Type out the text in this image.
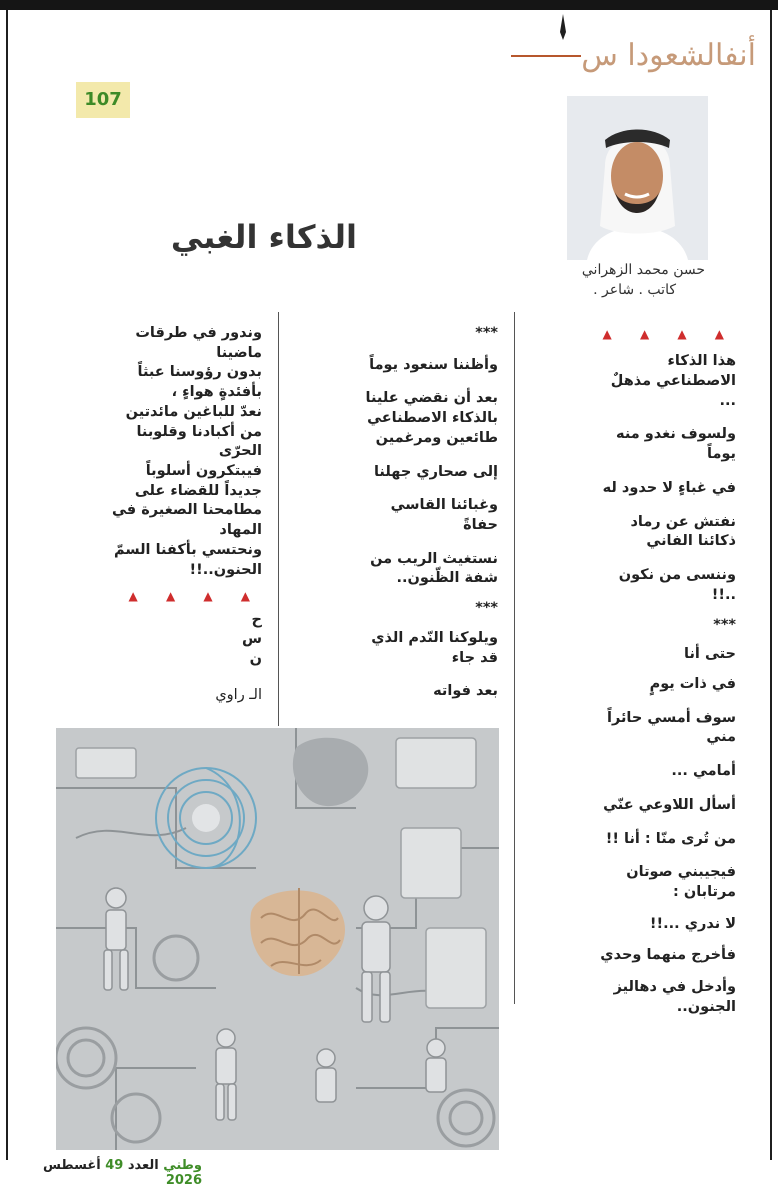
أنفالشعودا س
107
حسن محمد الزهراني
كاتب . شاعر .
الذكاء الغبي
▲ ▲ ▲ ▲

هذا الذكاء الاصطناعي مذهلٌ ...

ولسوف نغدو منه يوماً

في غباءٍ لا حدود له

نفتش عن رماد ذكائنا الفاني

وننسى من نكون ..!!

***

حتى أنا

في ذات يومٍ

سوف أمسي حائراً مني

أمامي ...

أسأل اللاوعي عنّي

من تُرى منّا : أنا !!

فيجيبني صوتان مرتابان :

لا ندري ...!!

فأخرج منهما وحدي

وأدخل في دهاليز الجنون..

***

وأظننا سنعود يوماً

بعد أن نقضي علينا بالذكاء الاصطناعي طائعين ومرغمين

إلى صحاري جهلنا

وغبائنا القاسي حفاةً

نستغيث الريب من شفة الظّنون..

***

ويلوكنا النّدم الذي قد جاء

بعد فواته

وندور في طرقات ماضينا

بدون رؤوسنا عبثاً بأفئدةٍ هواءٍ ،

نعدّ للباغين مائدتين من أكبادنا وقلوبنا الحرّى

فيبتكرون أسلوباً جديداً للقضاء على مطامحنا الصغيرة في المهاد

ونحتسي بأكفنا السمّ الحنون..!!

▲ ▲ ▲ ▲

ح

س

ن

الـ راوي

وطني العدد 49 أغسطس 2026
